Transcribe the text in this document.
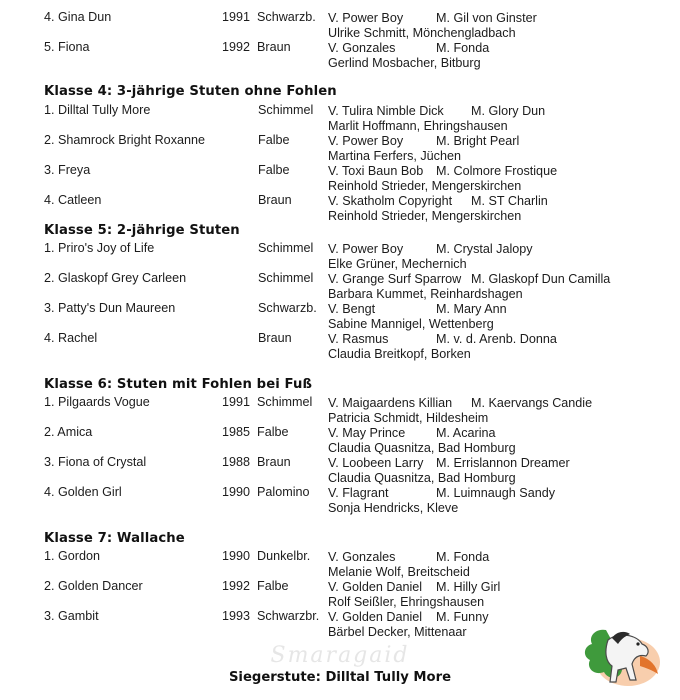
4. Gina Dun	1991 Schwarzb. V. Power Boy	M. Gil von Ginster
Ulrike Schmitt, Mönchengladbach
5. Fiona	1992 Braun	V. Gonzales	M. Fonda
Gerlind Mosbacher, Bitburg
Klasse 4: 3-jährige Stuten ohne Fohlen
1. Dilltal Tully More	Schimmel V. Tulira Nimble Dick M. Glory Dun
Marlit Hoffmann, Ehringshausen
2. Shamrock Bright Roxanne	Falbe	V. Power Boy	M. Bright Pearl
Martina Ferfers, Jüchen
3. Freya	Falbe	V. Toxi Baun Bob M. Colmore Frostique
Reinhold Strieder, Mengerskirchen
4. Catleen	Braun	V. Skatholm Copyright M. ST Charlin
Reinhold Strieder, Mengerskirchen
Klasse 5: 2-jährige Stuten
1. Priro's Joy of Life	Schimmel V. Power Boy	M. Crystal Jalopy
Elke Grüner, Mechernich
2. Glaskopf Grey Carleen	Schimmel V. Grange Surf Sparrow M. Glaskopf Dun Camilla
Barbara Kummet, Reinhardshagen
3. Patty's Dun Maureen	Schwarzb. V. Bengt	M. Mary Ann
Sabine Mannigel, Wettenberg
4. Rachel	Braun	V. Rasmus	M. v. d. Arenb. Donna
Claudia Breitkopf, Borken
Klasse 6: Stuten mit Fohlen bei Fuß
1. Pilgaards Vogue	1991 Schimmel V. Maigaardens Killian M. Kaervangs Candie
Patricia Schmidt, Hildesheim
2. Amica	1985 Falbe	V. May Prince M. Acarina
Claudia Quasnitza, Bad Homburg
3. Fiona of Crystal	1988 Braun	V. Loobeen Larry M. Errislannon Dreamer
Claudia Quasnitza, Bad Homburg
4. Golden Girl	1990 Palomino V. Flagrant	M. Luimnaugh Sandy
Sonja Hendricks, Kleve
Klasse 7: Wallache
1. Gordon	1990 Dunkelbr. V. Gonzales	M. Fonda
Melanie Wolf, Breitscheid
2. Golden Dancer	1992 Falbe	V. Golden Daniel M. Hilly Girl
Rolf Seißler, Ehringshausen
3. Gambit	1993 Schwarzbr. V. Golden Daniel M. Funny
Bärbel Decker, Mittenaar
Smaragaid
Siegerstute: Dilltal Tully More
